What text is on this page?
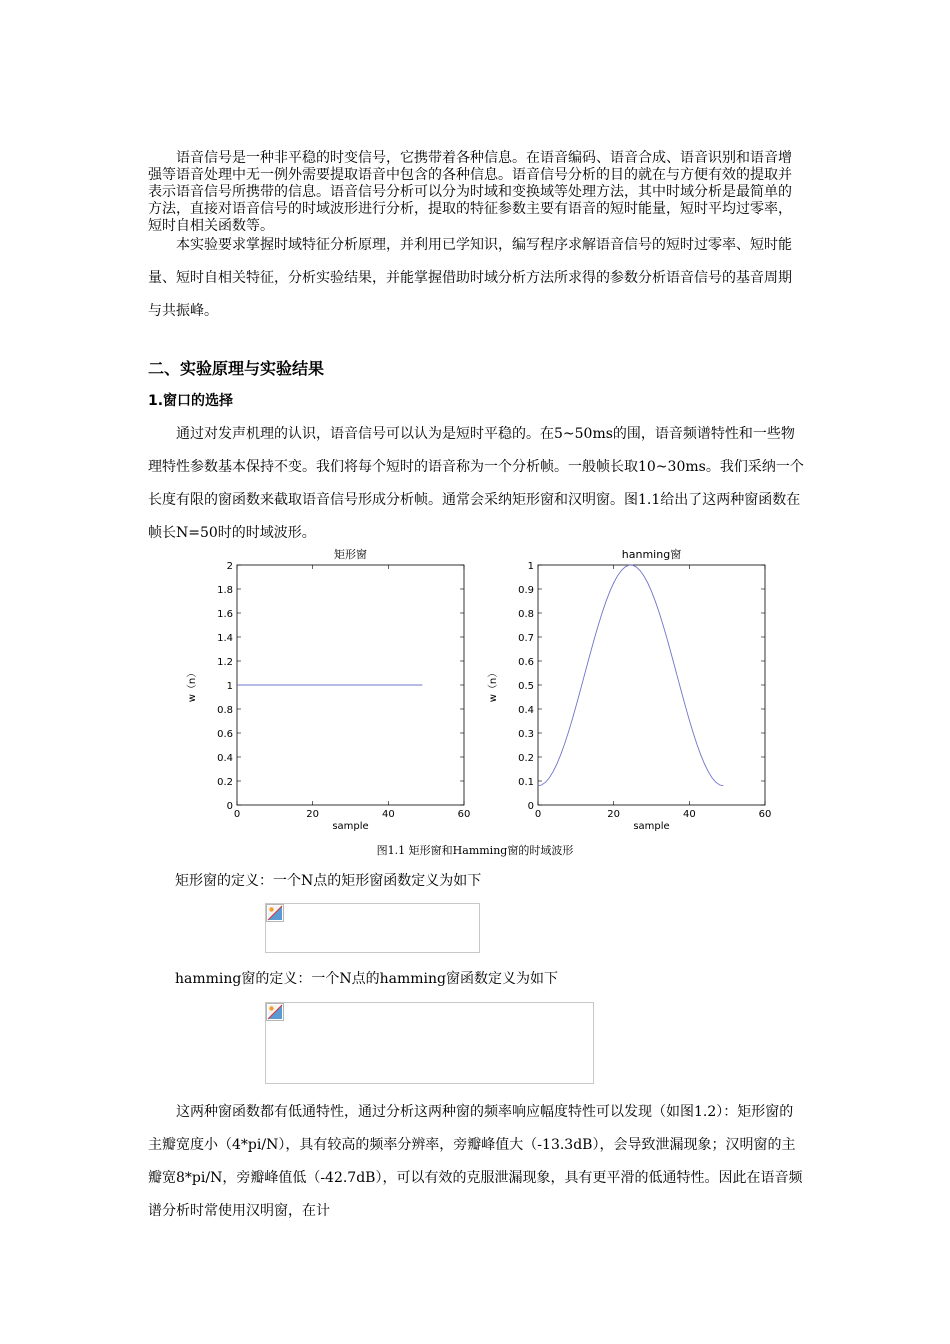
语音信号是一种非平稳的时变信号，它携带着各种信息。在语音编码、语音合成、语音识别和语音增强等语音处理中无一例外需要提取语音中包含的各种信息。语音信号分析的目的就在与方便有效的提取并表示语音信号所携带的信息。语音信号分析可以分为时域和变换域等处理方法，其中时域分析是最简单的方法，直接对语音信号的时域波形进行分析，提取的特征参数主要有语音的短时能量，短时平均过零率，短时自相关函数等。
本实验要求掌握时域特征分析原理，并利用已学知识，编写程序求解语音信号的短时过零率、短时能量、短时自相关特征，分析实验结果，并能掌握借助时域分析方法所求得的参数分析语音信号的基音周期与共振峰。
二、实验原理与实验结果
1.窗口的选择
通过对发声机理的认识，语音信号可以认为是短时平稳的。在5~50ms的围，语音频谱特性和一些物理特性参数基本保持不变。我们将每个短时的语音称为一个分析帧。一般帧长取10~30ms。我们采纳一个长度有限的窗函数来截取语音信号形成分析帧。通常会采纳矩形窗和汉明窗。图1.1给出了这两种窗函数在帧长N=50时的时域波形。
矩形窗
0
0.2
0.4
0.6
0.8
1
1.2
1.4
1.6
1.8
2
0	20	40	60
sample
w（n）
hanming窗
0
0.1
0.2
0.3
0.4
0.5
0.6
0.7
0.8
0.9
1
0	20	40	60
sample
w（n）
图1.1 矩形窗和Hamming窗的时域波形
矩形窗的定义：一个N点的矩形窗函数定义为如下
hamming窗的定义：一个N点的hamming窗函数定义为如下
这两种窗函数都有低通特性，通过分析这两种窗的频率响应幅度特性可以发现（如图1.2）：矩形窗的主瓣宽度小（4*pi/N），具有较高的频率分辨率，旁瓣峰值大（-13.3dB），会导致泄漏现象；汉明窗的主瓣宽8*pi/N，旁瓣峰值低（-42.7dB），可以有效的克服泄漏现象，具有更平滑的低通特性。因此在语音频谱分析时常使用汉明窗，在计
